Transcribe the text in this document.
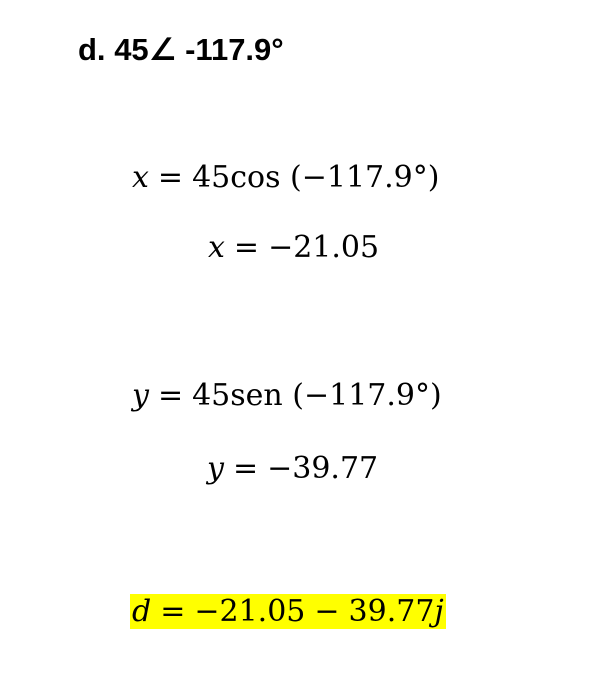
d. 45∠ -117.9°
x = 45cos (−117.9°)
x = −21.05
y = 45sen (−117.9°)
y = −39.77
d = −21.05 − 39.77j
